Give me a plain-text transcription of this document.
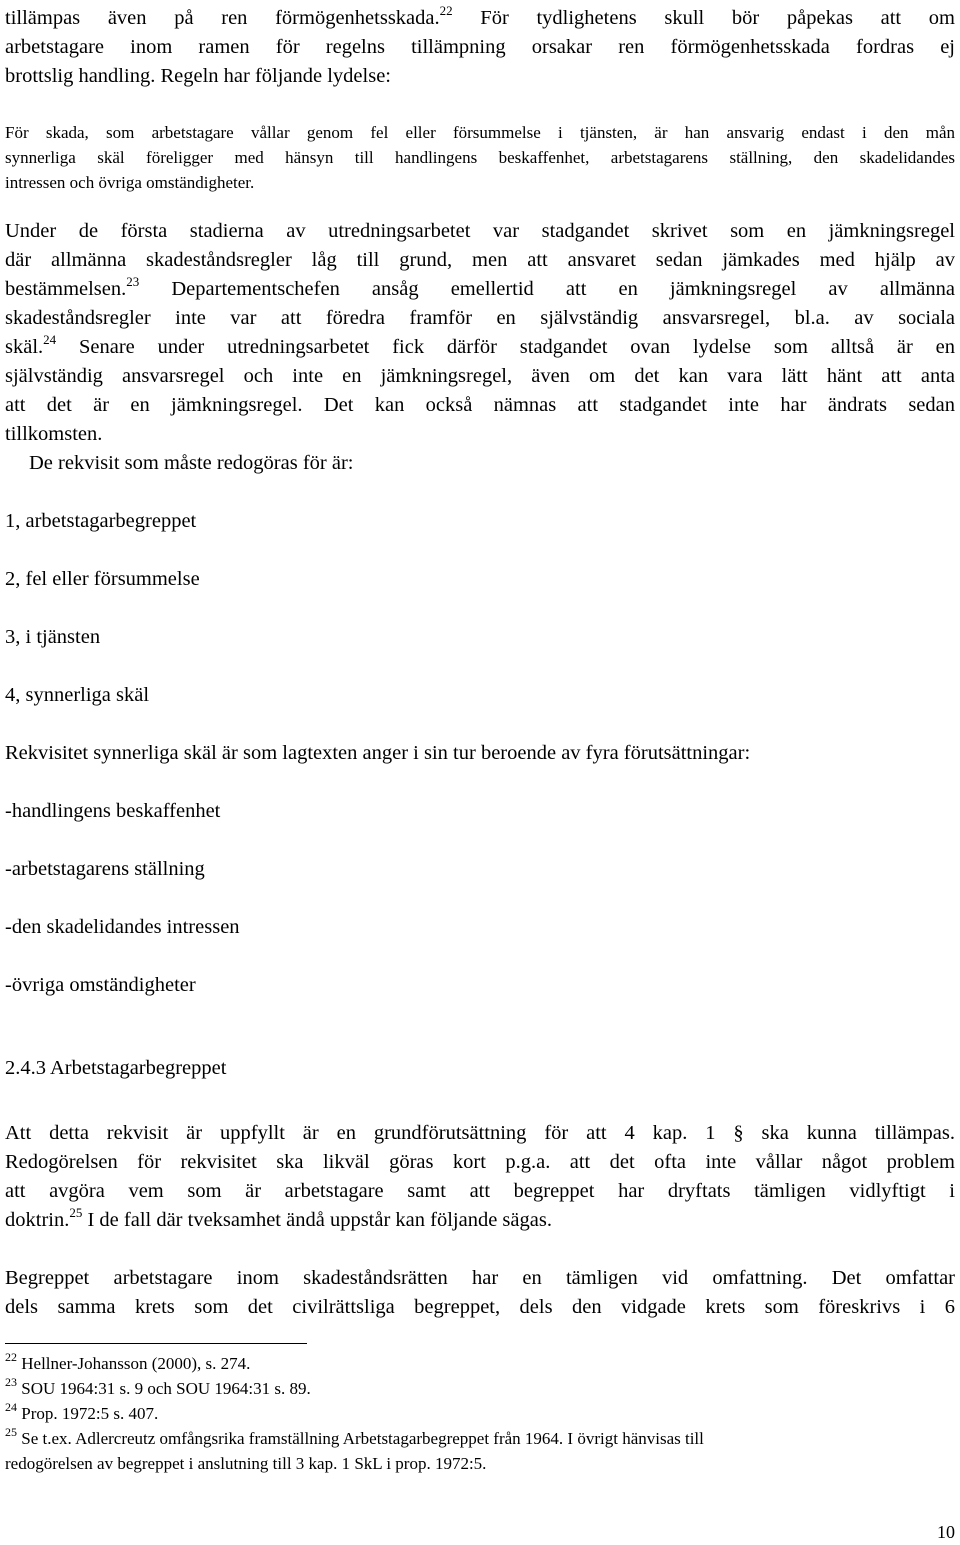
tillämpas även på ren förmögenhetsskada.$^{22}$ För tydlighetens skull bör påpekas att om
arbetstagare inom ramen för regelns tillämpning orsakar ren förmögenhetsskada fordras ej
brottslig handling. Regeln har följande lydelse:
För skada, som arbetstagare vållar genom fel eller försummelse i tjänsten, är han ansvarig endast i den mån
synnerliga skäl föreligger med hänsyn till handlingens beskaffenhet, arbetstagarens ställning, den skadelidandes
intressen och övriga omständigheter.
Under de första stadierna av utredningsarbetet var stadgandet skrivet som en jämkningsregel
där allmänna skadeståndsregler låg till grund, men att ansvaret sedan jämkades med hjälp av
bestämmelsen.$^{23}$ Departementschefen ansåg emellertid att en jämkningsregel av allmänna
skadeståndsregler inte var att föredra framför en självständig ansvarsregel, bl.a. av sociala
skäl.$^{24}$ Senare under utredningsarbetet fick därför stadgandet ovan lydelse som alltså är en
självständig ansvarsregel och inte en jämkningsregel, även om det kan vara lätt hänt att anta
att det är en jämkningsregel. Det kan också nämnas att stadgandet inte har ändrats sedan
tillkomsten.
De rekvisit som måste redogöras för är:
1, arbetstagarbegreppet
2, fel eller försummelse
3, i tjänsten
4, synnerliga skäl
Rekvisitet synnerliga skäl är som lagtexten anger i sin tur beroende av fyra förutsättningar:
-handlingens beskaffenhet
-arbetstagarens ställning
-den skadelidandes intressen
-övriga omständigheter
2.4.3 Arbetstagarbegreppet
Att detta rekvisit är uppfyllt är en grundförutsättning för att 4 kap. 1 § ska kunna tillämpas.
Redogörelsen för rekvisitet ska likväl göras kort p.g.a. att det ofta inte vållar något problem
att avgöra vem som är arbetstagare samt att begreppet har dryftats tämligen vidlyftigt i
doktrin.$^{25}$ I de fall där tveksamhet ändå uppstår kan följande sägas.
Begreppet arbetstagare inom skadeståndsrätten har en tämligen vid omfattning. Det omfattar
dels samma krets som det civilrättsliga begreppet, dels den vidgade krets som föreskrivs i 6
$^{22}$ Hellner-Johansson (2000), s. 274.
$^{23}$ SOU 1964:31 s. 9 och SOU 1964:31 s. 89.
$^{24}$ Prop. 1972:5 s. 407.
$^{25}$ Se t.ex. Adlercreutz omfångsrika framställning Arbetstagarbegreppet från 1964. I övrigt hänvisas till
redogörelsen av begreppet i anslutning till 3 kap. 1 SkL i prop. 1972:5.
10
